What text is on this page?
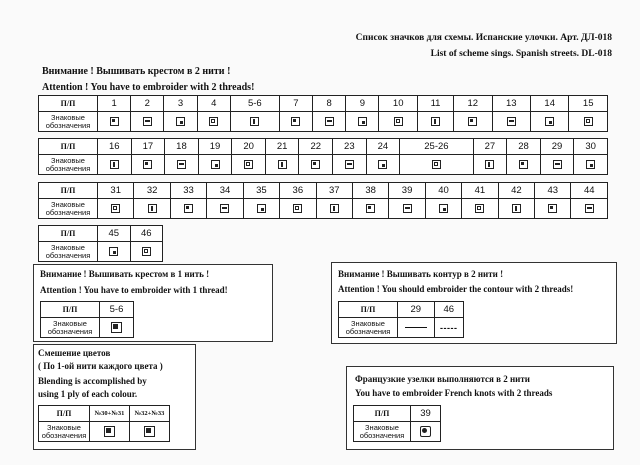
Список значков для схемы. Испанские улочки. Арт. ДЛ-018
List of scheme sings. Spanish streets. DL-018
Внимание ! Вышивать крестом в 2 нити !
Attention ! You have to embroider with 2 threads!
П/П	1	2	3	4	5-6	7	8	9	10	11	12	13	14	15
Знаковые
обозначения	

П/П	16	17	18	19	20	21	22	23	24	25-26	27	28	29	30
Знаковые
обозначения	

П/П	31	32	33	34	35	36	37	38	39	40	41	42	43	44
Знаковые
обозначения	

П/П	45	46
Знаковые
обозначения	

Внимание ! Вышивать крестом в 1 нить !
Attention ! You have to embroider with 1 thread!
П/П	5-6
Знаковые
обозначения	
Внимание ! Вышивать контур в 2 нити !
Attention ! You should embroider the contour with 2 threads!
П/П	29	46
Знаковые
обозначения		-----
Смешение цветов
( По 1-ой нити каждого цвета )
Blending is accomplished by
using 1 ply of each colour.
П/П	№30+№31	№32+№33
Знаковые
обозначения	

Французкие узелки выполняются в 2 нити
You have to embroider French knots with 2 threads
П/П	39
Знаковые
обозначения	
